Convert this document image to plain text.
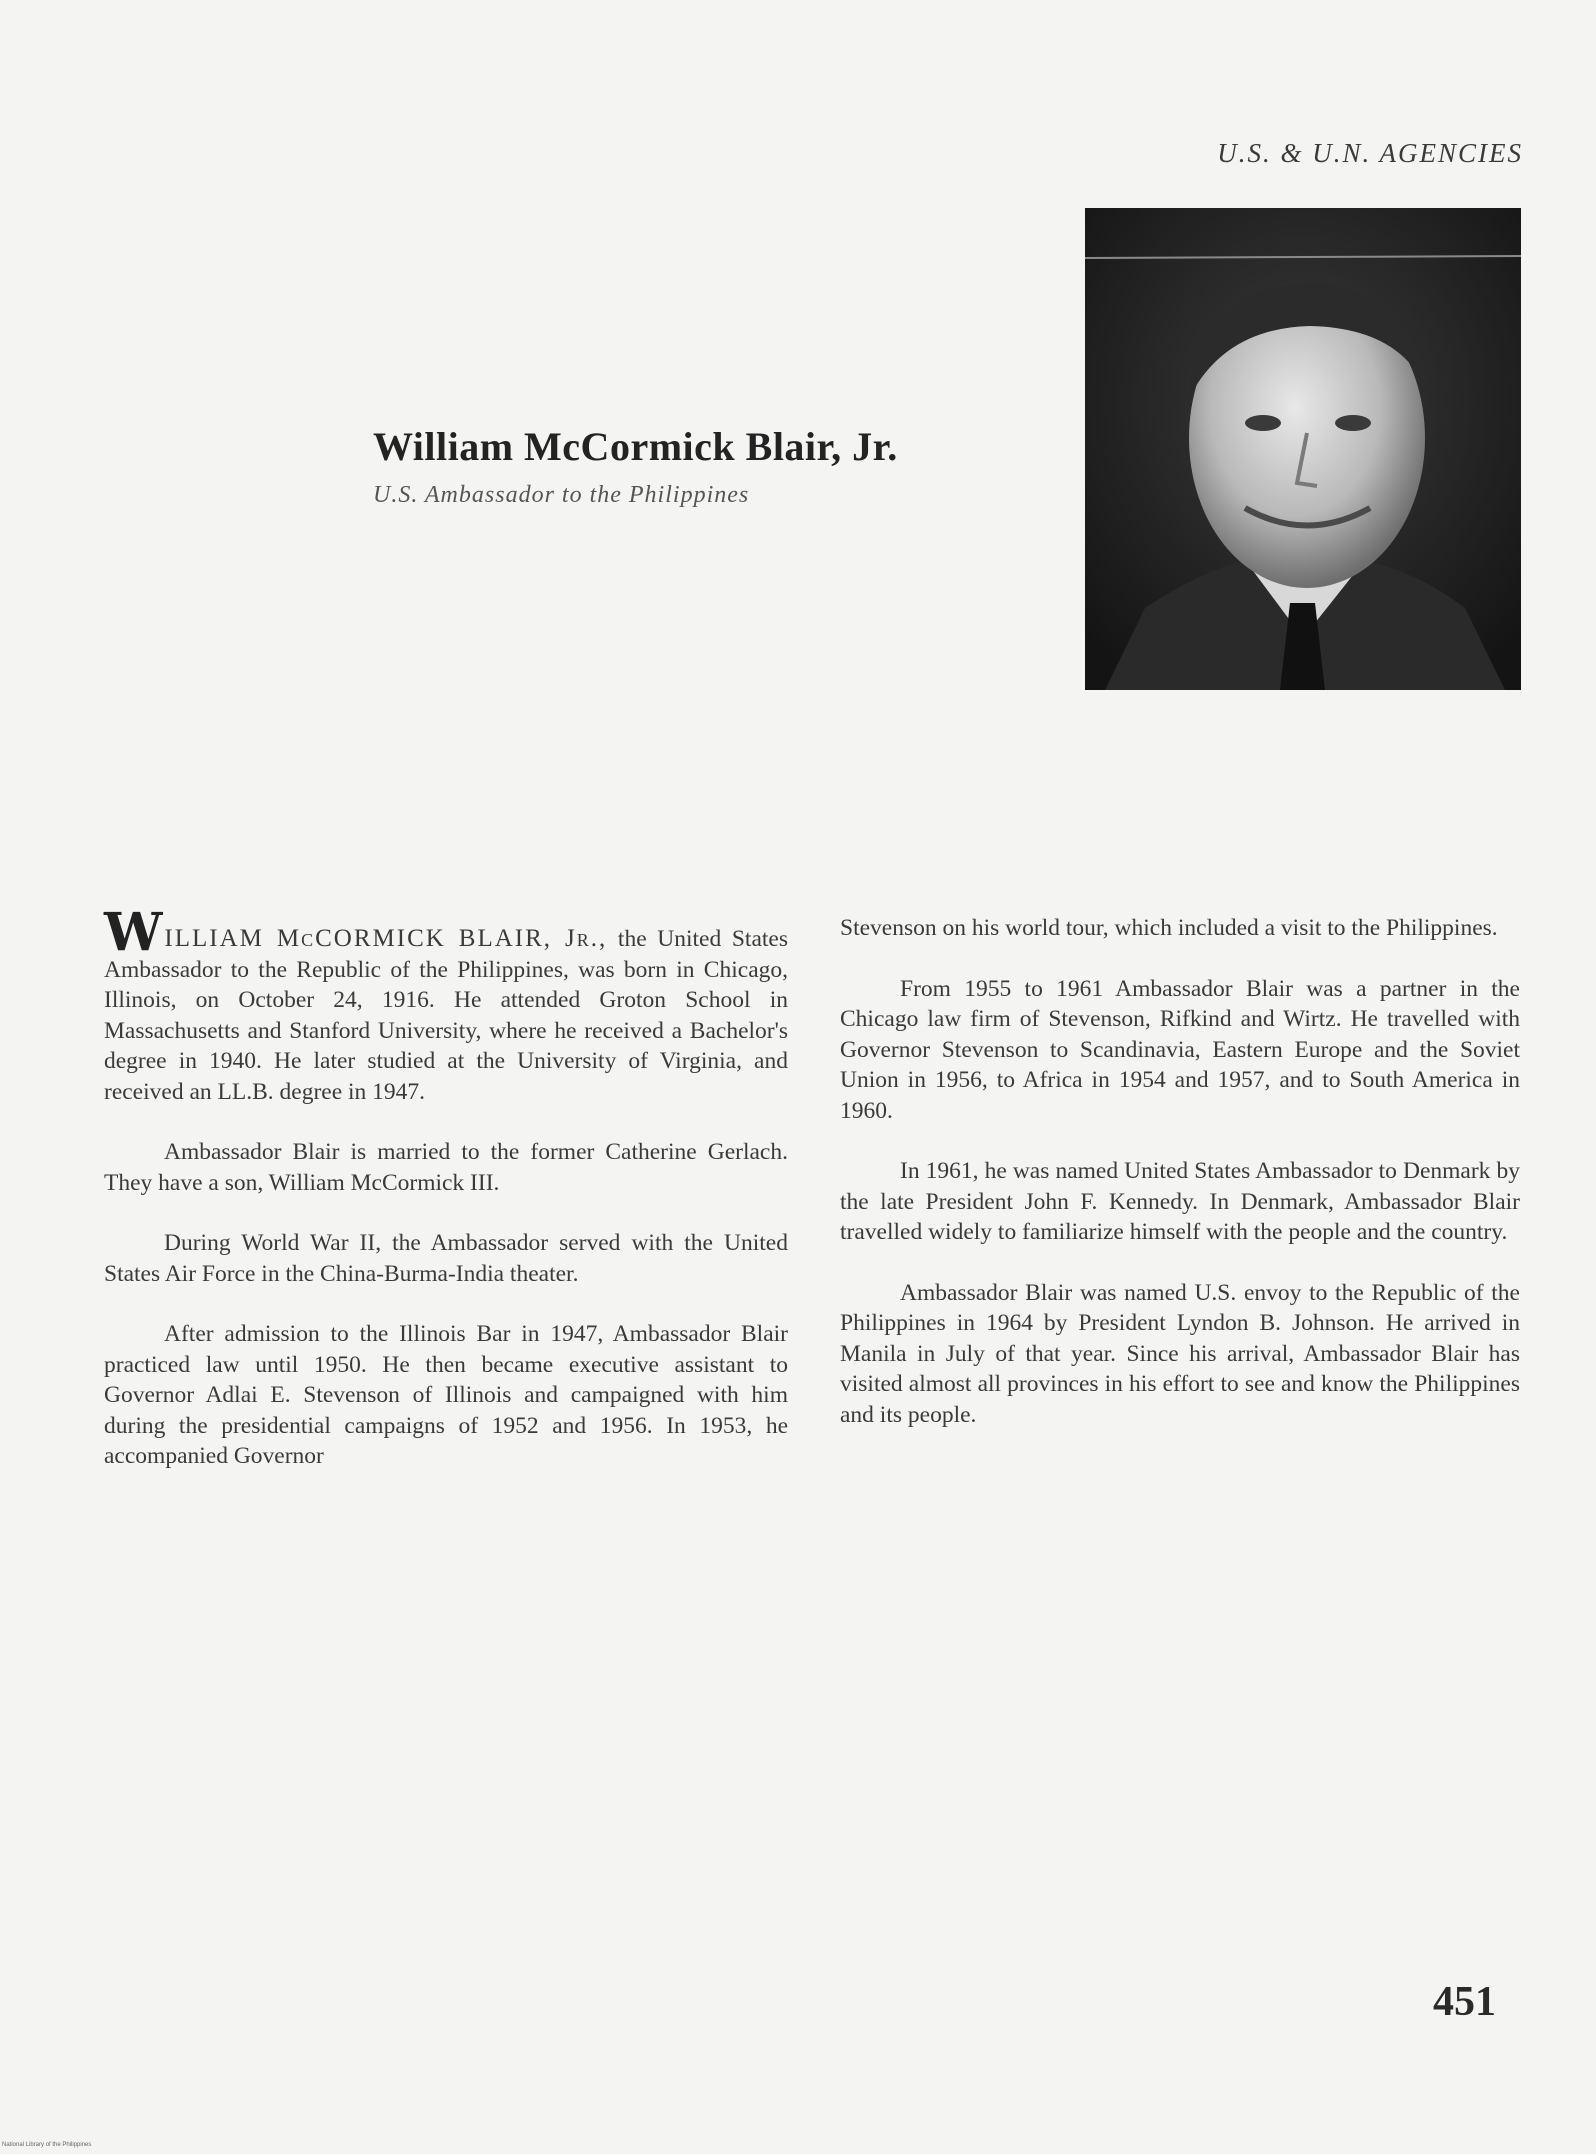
U.S. & U.N. AGENCIES
William McCormick Blair, Jr.
U.S. Ambassador to the Philippines

WILLIAM McCORMICK BLAIR, Jr., the United States Ambassador to the Republic of the Philippines, was born in Chicago, Illinois, on October 24, 1916. He attended Groton School in Massachusetts and Stanford University, where he received a Bachelor's degree in 1940. He later studied at the University of Virginia, and received an LL.B. degree in 1947.

Ambassador Blair is married to the former Catherine Gerlach. They have a son, William McCormick III.

During World War II, the Ambassador served with the United States Air Force in the China-Burma-India theater.

After admission to the Illinois Bar in 1947, Ambassador Blair practiced law until 1950. He then became executive assistant to Governor Adlai E. Stevenson of Illinois and campaigned with him during the presidential campaigns of 1952 and 1956. In 1953, he accompanied Governor

Stevenson on his world tour, which included a visit to the Philippines.

From 1955 to 1961 Ambassador Blair was a partner in the Chicago law firm of Stevenson, Rifkind and Wirtz. He travelled with Governor Stevenson to Scandinavia, Eastern Europe and the Soviet Union in 1956, to Africa in 1954 and 1957, and to South America in 1960.

In 1961, he was named United States Ambassador to Denmark by the late President John F. Kennedy. In Denmark, Ambassador Blair travelled widely to familiarize himself with the people and the country.

Ambassador Blair was named U.S. envoy to the Republic of the Philippines in 1964 by President Lyndon B. Johnson. He arrived in Manila in July of that year. Since his arrival, Ambassador Blair has visited almost all provinces in his effort to see and know the Philippines and its people.

451
National Library of the Philippines
